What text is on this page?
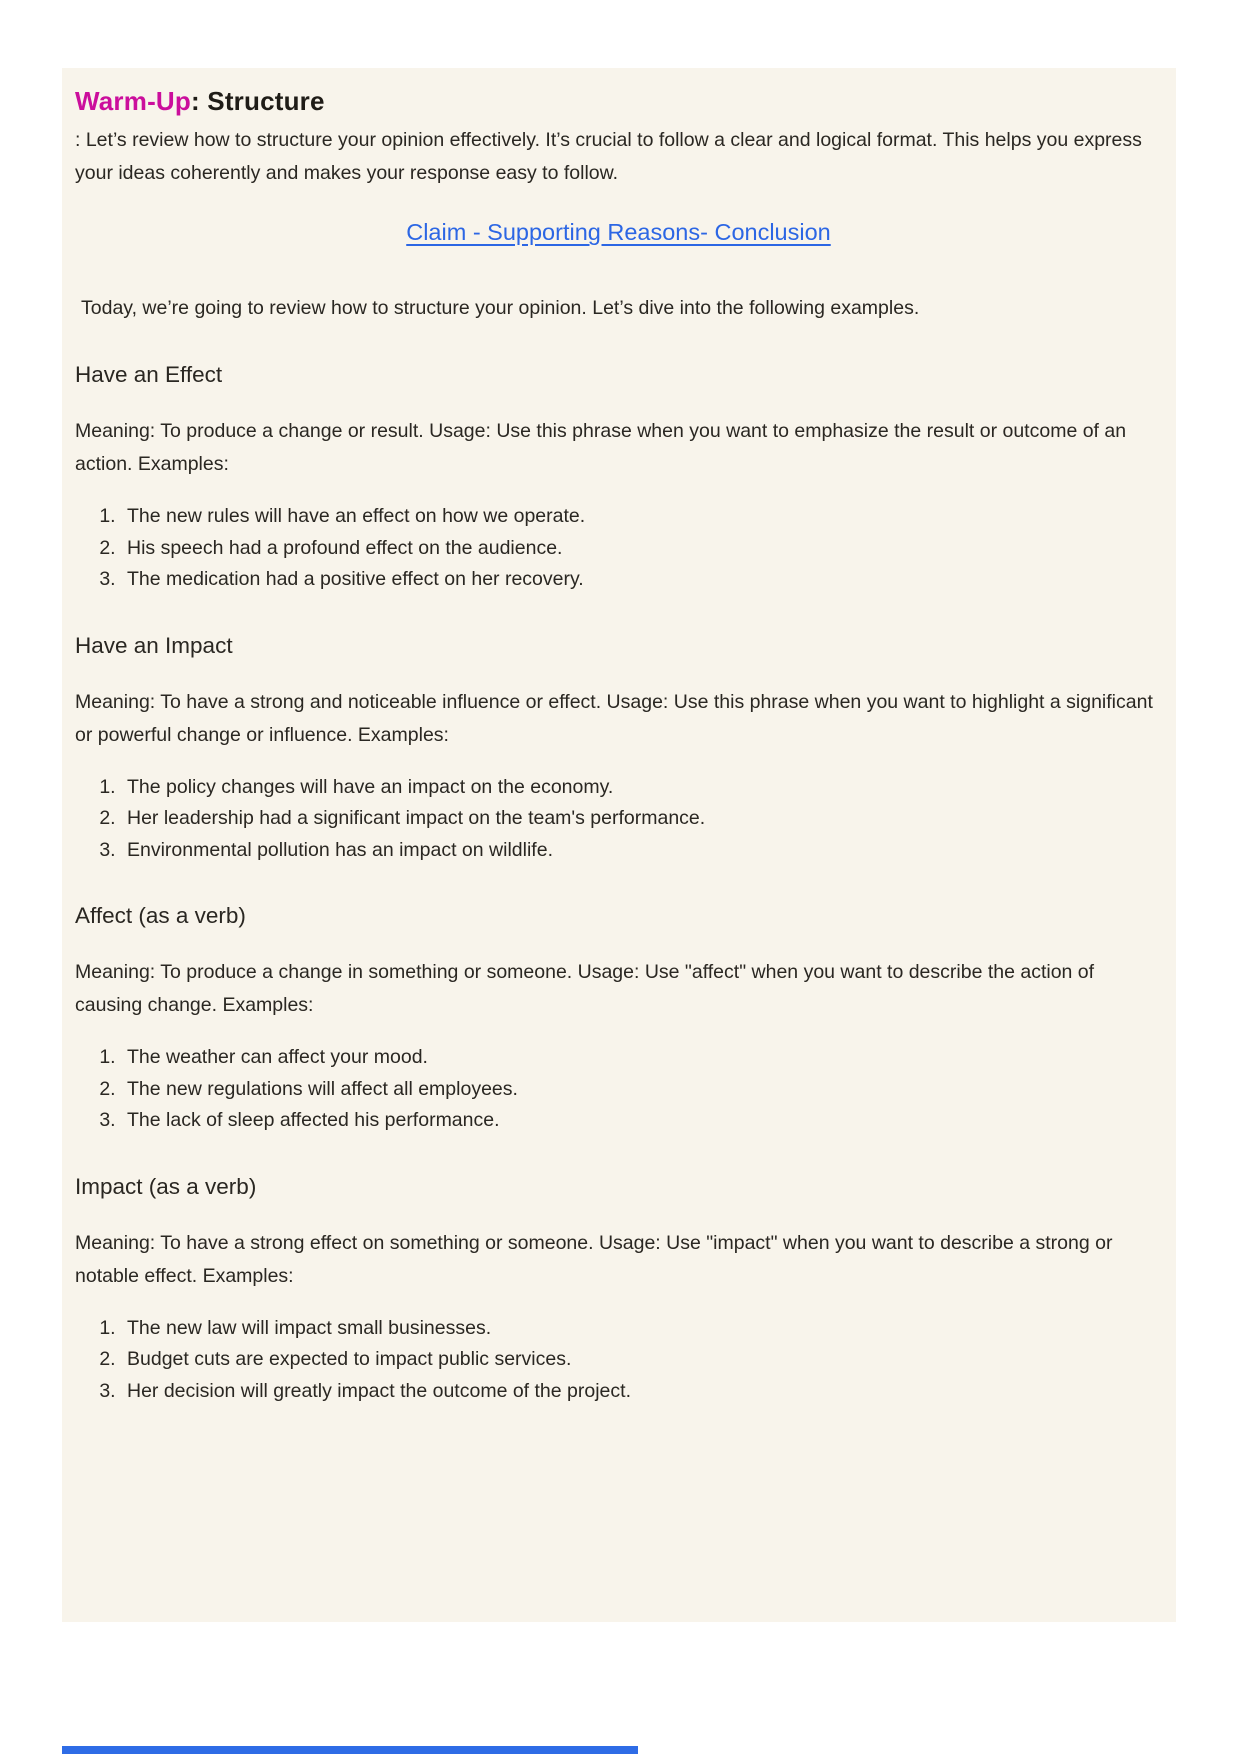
Warm-Up: Structure

: Let’s review how to structure your opinion effectively. It’s crucial to follow a clear and logical format. This helps you express your ideas coherently and makes your response easy to follow.

Claim - Supporting Reasons- Conclusion

Today, we’re going to review how to structure your opinion. Let’s dive into the following examples.

Have an Effect

Meaning: To produce a change or result. Usage: Use this phrase when you want to emphasize the result or outcome of an action. Examples:

1. The new rules will have an effect on how we operate.
2. His speech had a profound effect on the audience.
3. The medication had a positive effect on her recovery.
Have an Impact

Meaning: To have a strong and noticeable influence or effect. Usage: Use this phrase when you want to highlight a significant or powerful change or influence. Examples:

1. The policy changes will have an impact on the economy.
2. Her leadership had a significant impact on the team's performance.
3. Environmental pollution has an impact on wildlife.
Affect (as a verb)

Meaning: To produce a change in something or someone. Usage: Use "affect" when you want to describe the action of causing change. Examples:

1. The weather can affect your mood.
2. The new regulations will affect all employees.
3. The lack of sleep affected his performance.
Impact (as a verb)

Meaning: To have a strong effect on something or someone. Usage: Use "impact" when you want to describe a strong or notable effect. Examples:

1. The new law will impact small businesses.
2. Budget cuts are expected to impact public services.
3. Her decision will greatly impact the outcome of the project.
